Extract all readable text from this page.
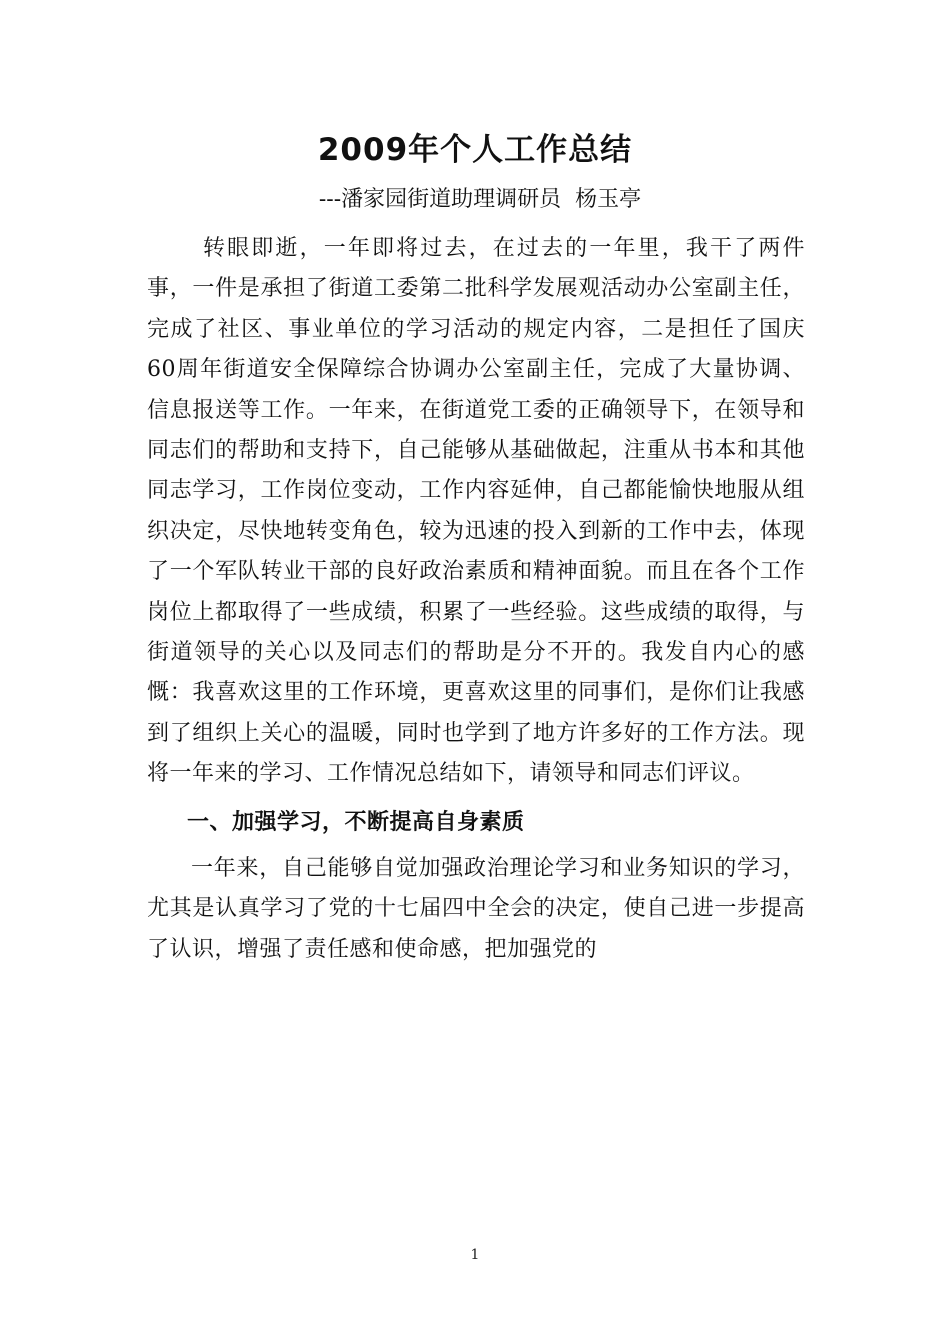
2009年个人工作总结

---潘家园街道助理调研员  杨玉亭

转眼即逝，一年即将过去，在过去的一年里，我干了两件事，一件是承担了街道工委第二批科学发展观活动办公室副主任，完成了社区、事业单位的学习活动的规定内容，二是担任了国庆60周年街道安全保障综合协调办公室副主任，完成了大量协调、信息报送等工作。一年来，在街道党工委的正确领导下，在领导和同志们的帮助和支持下，自己能够从基础做起，注重从书本和其他同志学习，工作岗位变动，工作内容延伸，自己都能愉快地服从组织决定，尽快地转变角色，较为迅速的投入到新的工作中去，体现了一个军队转业干部的良好政治素质和精神面貌。而且在各个工作岗位上都取得了一些成绩，积累了一些经验。这些成绩的取得，与街道领导的关心以及同志们的帮助是分不开的。我发自内心的感慨：我喜欢这里的工作环境，更喜欢这里的同事们，是你们让我感到了组织上关心的温暖，同时也学到了地方许多好的工作方法。现将一年来的学习、工作情况总结如下，请领导和同志们评议。

一、加强学习，不断提高自身素质

一年来，自己能够自觉加强政治理论学习和业务知识的学习，尤其是认真学习了党的十七届四中全会的决定，使自己进一步提高了认识，增强了责任感和使命感，把加强党的

1
